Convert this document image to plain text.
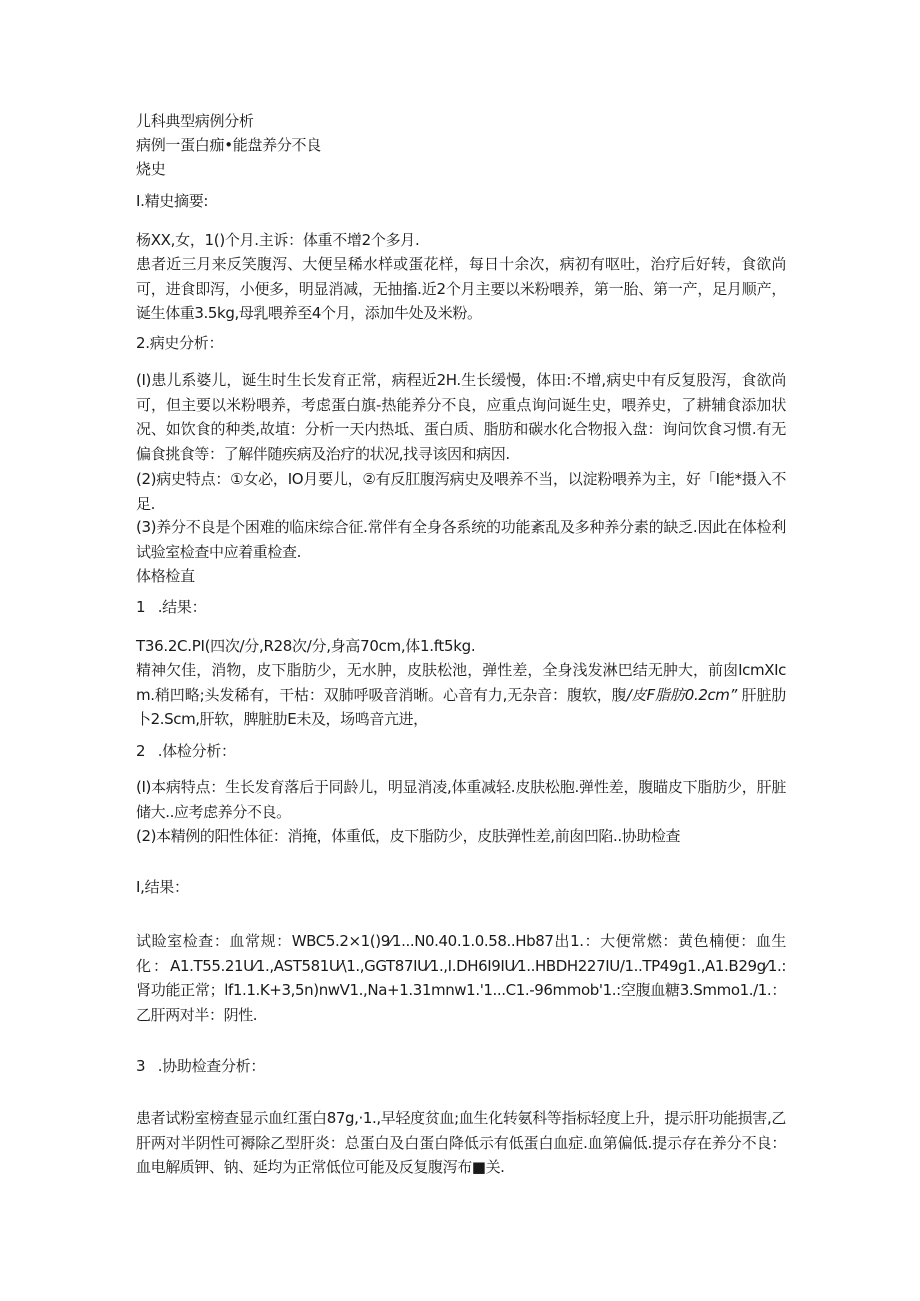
儿科典型病例分析
病例一蛋白痂•能盘养分不良
烧史
I.精史摘要:
杨XX,女，1()个月.主诉：体重不增2个多月.
患者近三月来反笑腹泻、大便呈稀水样或蛋花样，每日十余次，病初有呕吐，治疗后好转，食欲尚可，进食即泻，小便多，明显消减，无抽搐.近2个月主要以米粉喂养，第一胎、第一产，足月顺产，诞生体重3.5kg,母乳喂养至4个月，添加牛处及米粉。
2.病史分析：
(I)患儿系婆儿，诞生时生长发育正常，病程近2H.生长缓慢，体田:不增,病史中有反复股泻，食欲尚可，但主要以米粉喂养，考虑蛋白旗-热能养分不良，应重点询问诞生史，喂养史，了耕辅食添加状况、如饮食的种类,故埴：分析一天内热坻、蛋白质、脂肪和碳水化合物报入盘：询问饮食习惯.有无偏食挑食等：了解伴随疾病及治疗的状况,找寻该因和病因.
(2)病史特点：①女必，IO月要儿，②有反肛腹泻病史及喂养不当，以淀粉喂养为主，好「I能*摄入不足.
(3)养分不良是个困难的临床综合征.常伴有全身各系统的功能紊乱及多种养分素的缺乏.因此在体检利试验室检查中应着重检查.
体格检直
1 .结果：
T36.2C.PI(四次/分,R28次/分,身高70cm,体1.ft5kg.
精神欠佳，消物，皮下脂肪少，无水肿，皮肤松池，弹性差，全身浅发淋巴结无肿大，前囱IcmXIcm.稍凹略;头发稀有，干枯：双肺呼吸音消晰。心音有力,无杂音：腹软，腹/皮F脂肪0.2cm” 肝脏肋卜2.Scm,肝软，脾脏肋E未及，场鸣音亢进，
2 .体检分析：
(I)本病特点：生长发育落后于同龄儿，明显消凌,体重减轻.皮肤松胞.弹性差，腹瞄皮下脂肪少，肝脏储大..应考虑养分不良。
(2)本精例的阳性体征：消掩，体重低，皮下脂防少，皮肤弹性差,前囱凹陷..协助检查
I,结果：
试睑室检查：血常规：WBC5.2×1()9⁄1...N0.40.1.0.58..Hb87出1.：大便常燃：黄色楠便：血生化：A1.T55.21U⁄1.,AST581U⁄\1.,GGT87IU⁄1.,I.DH6I9IU⁄1..HBDH227IU/1..TP49g1.,A1.B29g⁄1.:肾功能正常；lf1.1.K+3,5n)nwV1.,Na+1.31mnw1.'1...C1.-96mmob'1.:空腹血糖3.Smmo1./1.：乙肝两对半：阴性.
3 .协助检查分析：
患者试粉室榜查显示血红蛋白87g,·1.,早轻度贫血;血生化转氨科等指标轻度上升，提示肝功能损害,乙肝两对半阴性可褥除乙型肝炎：总蛋白及白蛋白降低示有低蛋白血症.血第偏低.提示存在养分不良：血电解质钾、钠、延均为正常低位可能及反复腹泻布■关.
